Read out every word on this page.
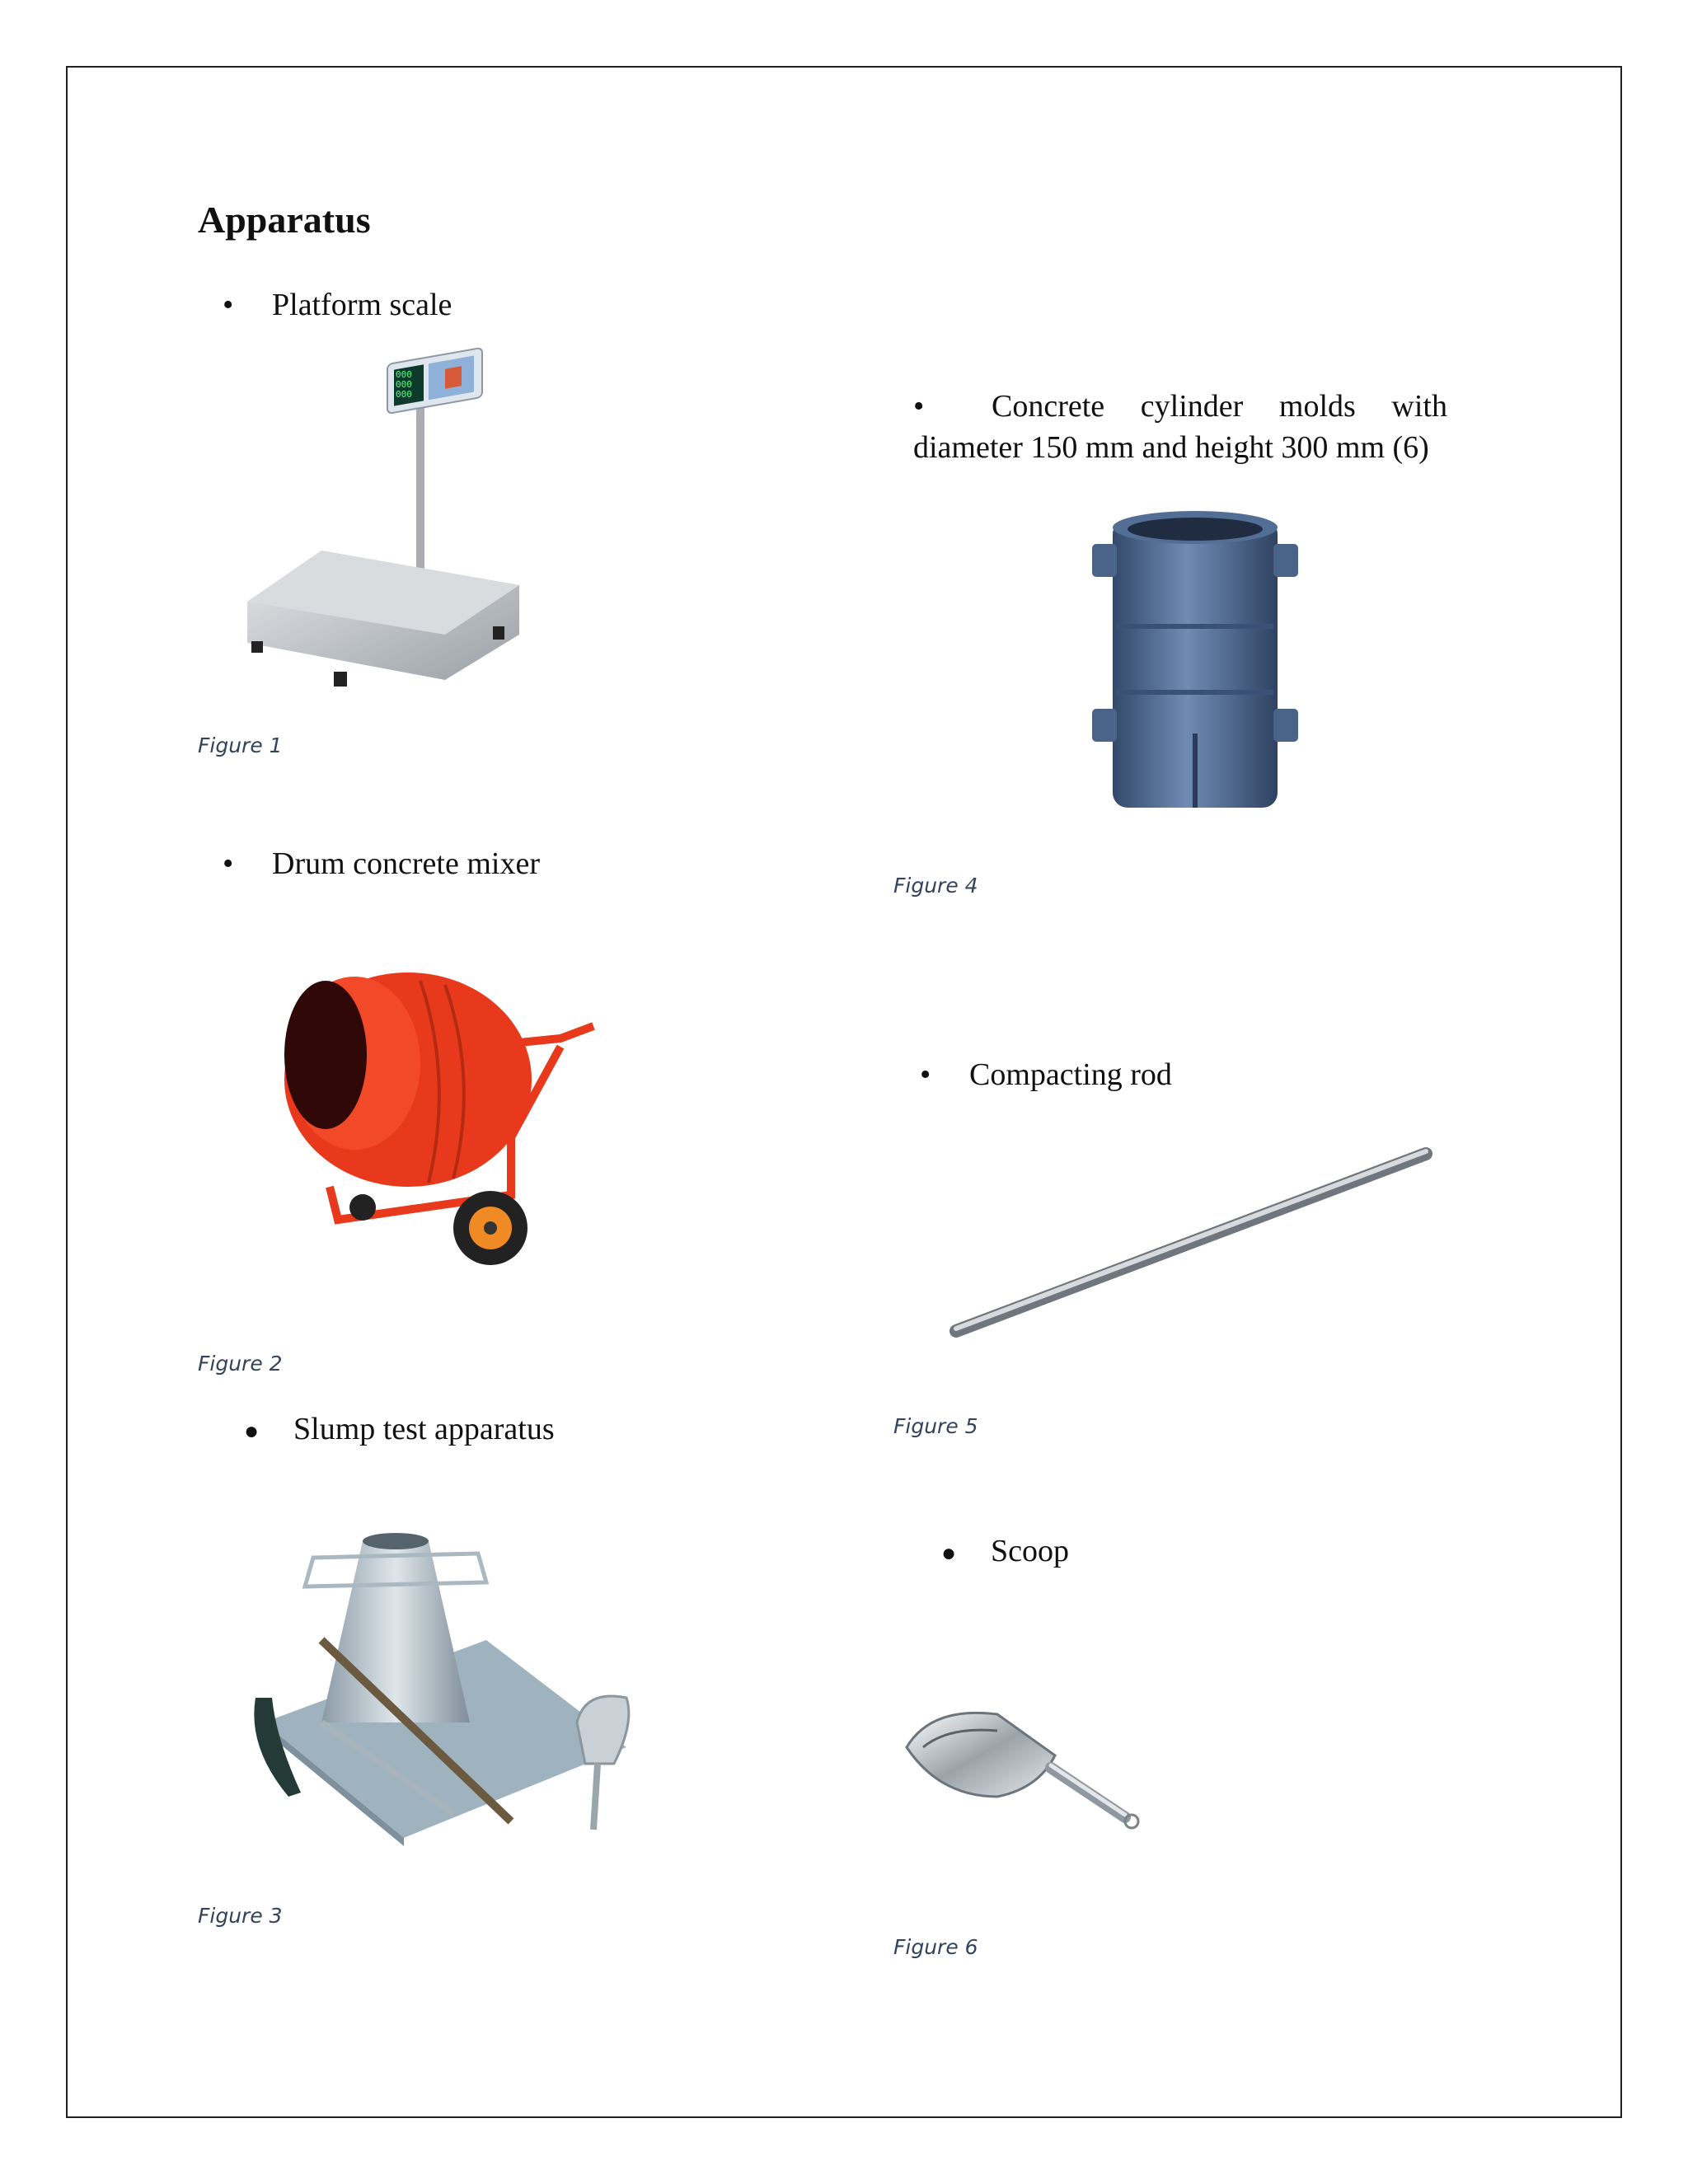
Apparatus
• Platform scale
000
000
000
Figure 1
• Drum concrete mixer
Figure 2
● Slump test apparatus
Figure 3
• Concrete cylinder molds with diameter 150 mm and height 300 mm (6)
Figure 4
• Compacting rod
Figure 5
● Scoop
Figure 6
